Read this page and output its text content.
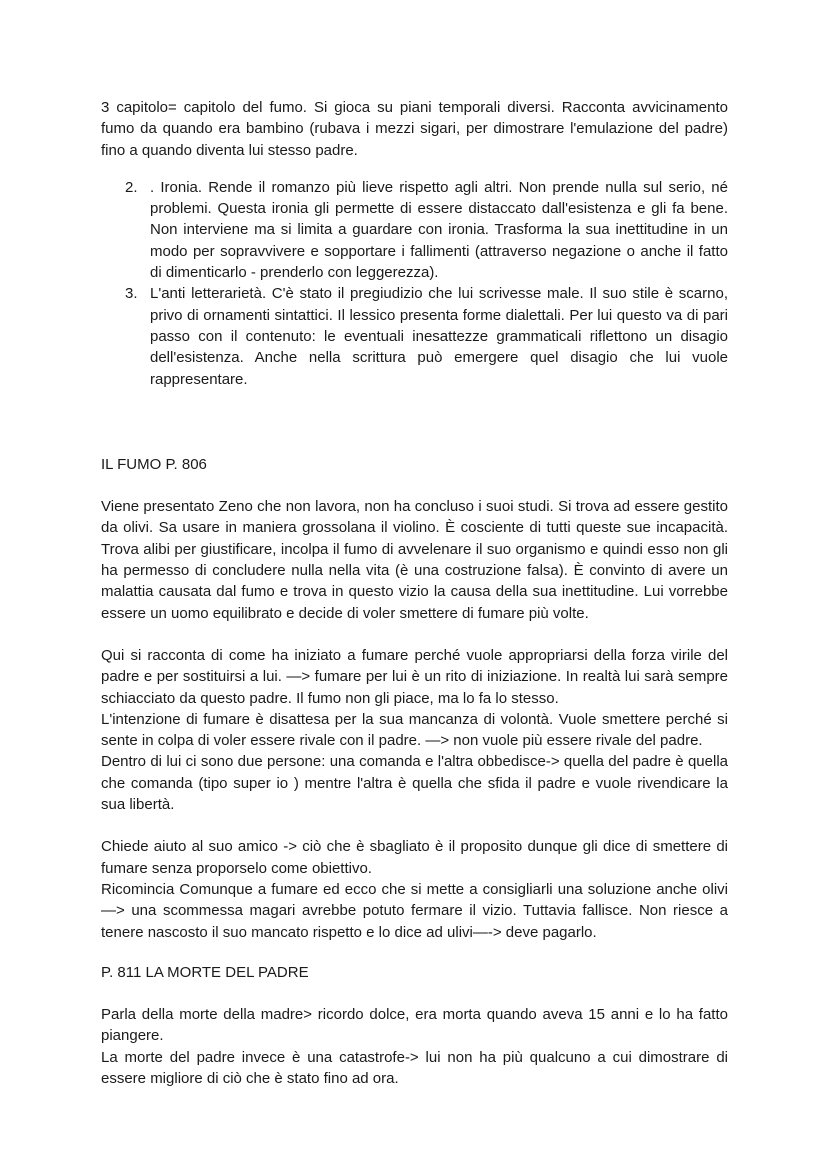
3 capitolo= capitolo del fumo. Si gioca su piani temporali diversi. Racconta avvicinamento fumo da quando era bambino (rubava i mezzi sigari, per dimostrare l'emulazione del padre) fino a quando diventa lui stesso padre.

2. . Ironia. Rende il romanzo più lieve rispetto agli altri. Non prende nulla sul serio, né problemi. Questa ironia gli permette di essere distaccato dall'esistenza e gli fa bene. Non interviene ma si limita a guardare con ironia. Trasforma la sua inettitudine in un modo per sopravvivere e sopportare i fallimenti (attraverso negazione o anche il fatto di dimenticarlo - prenderlo con leggerezza).
3. L'anti letterarietà. C'è stato il pregiudizio che lui scrivesse male. Il suo stile è scarno, privo di ornamenti sintattici. Il lessico presenta forme dialettali. Per lui questo va di pari passo con il contenuto: le eventuali inesattezze grammaticali riflettono un disagio dell'esistenza. Anche nella scrittura può emergere quel disagio che lui vuole rappresentare.
IL FUMO P. 806

Viene presentato Zeno che non lavora, non ha concluso i suoi studi. Si trova ad essere gestito da olivi. Sa usare in maniera grossolana il violino. È cosciente di tutti queste sue incapacità. Trova alibi per giustificare, incolpa il fumo di avvelenare il suo organismo e quindi esso non gli ha permesso di concludere nulla nella vita (è una costruzione falsa). È convinto di avere un malattia causata dal fumo e trova in questo vizio la causa della sua inettitudine. Lui vorrebbe essere un uomo equilibrato e decide di voler smettere di fumare più volte.

Qui si racconta di come ha iniziato a fumare perché vuole appropriarsi della forza virile del padre e per sostituirsi a lui. —> fumare per lui è un rito di iniziazione. In realtà lui sarà sempre schiacciato da questo padre. Il fumo non gli piace, ma lo fa lo stesso.

L'intenzione di fumare è disattesa per la sua mancanza di volontà. Vuole smettere perché si sente in colpa di voler essere rivale con il padre. —> non vuole più essere rivale del padre.

Dentro di lui ci sono due persone: una comanda e l'altra obbedisce-> quella del padre è quella che comanda (tipo super io ) mentre l'altra è quella che sfida il padre e vuole rivendicare la sua libertà.

Chiede aiuto al suo amico -> ciò che è sbagliato è il proposito dunque gli dice di smettere di fumare senza proporselo come obiettivo.

Ricomincia Comunque a fumare ed ecco che si mette a consigliarli una soluzione anche olivi—> una scommessa magari avrebbe potuto fermare il vizio. Tuttavia fallisce. Non riesce a tenere nascosto il suo mancato rispetto e lo dice ad ulivi—-> deve pagarlo.

P. 811 LA MORTE DEL PADRE

Parla della morte della madre> ricordo dolce, era morta quando aveva 15 anni e lo ha fatto piangere.

La morte del padre invece è una catastrofe-> lui non ha più qualcuno a cui dimostrare di essere migliore di ciò che è stato fino ad ora.
